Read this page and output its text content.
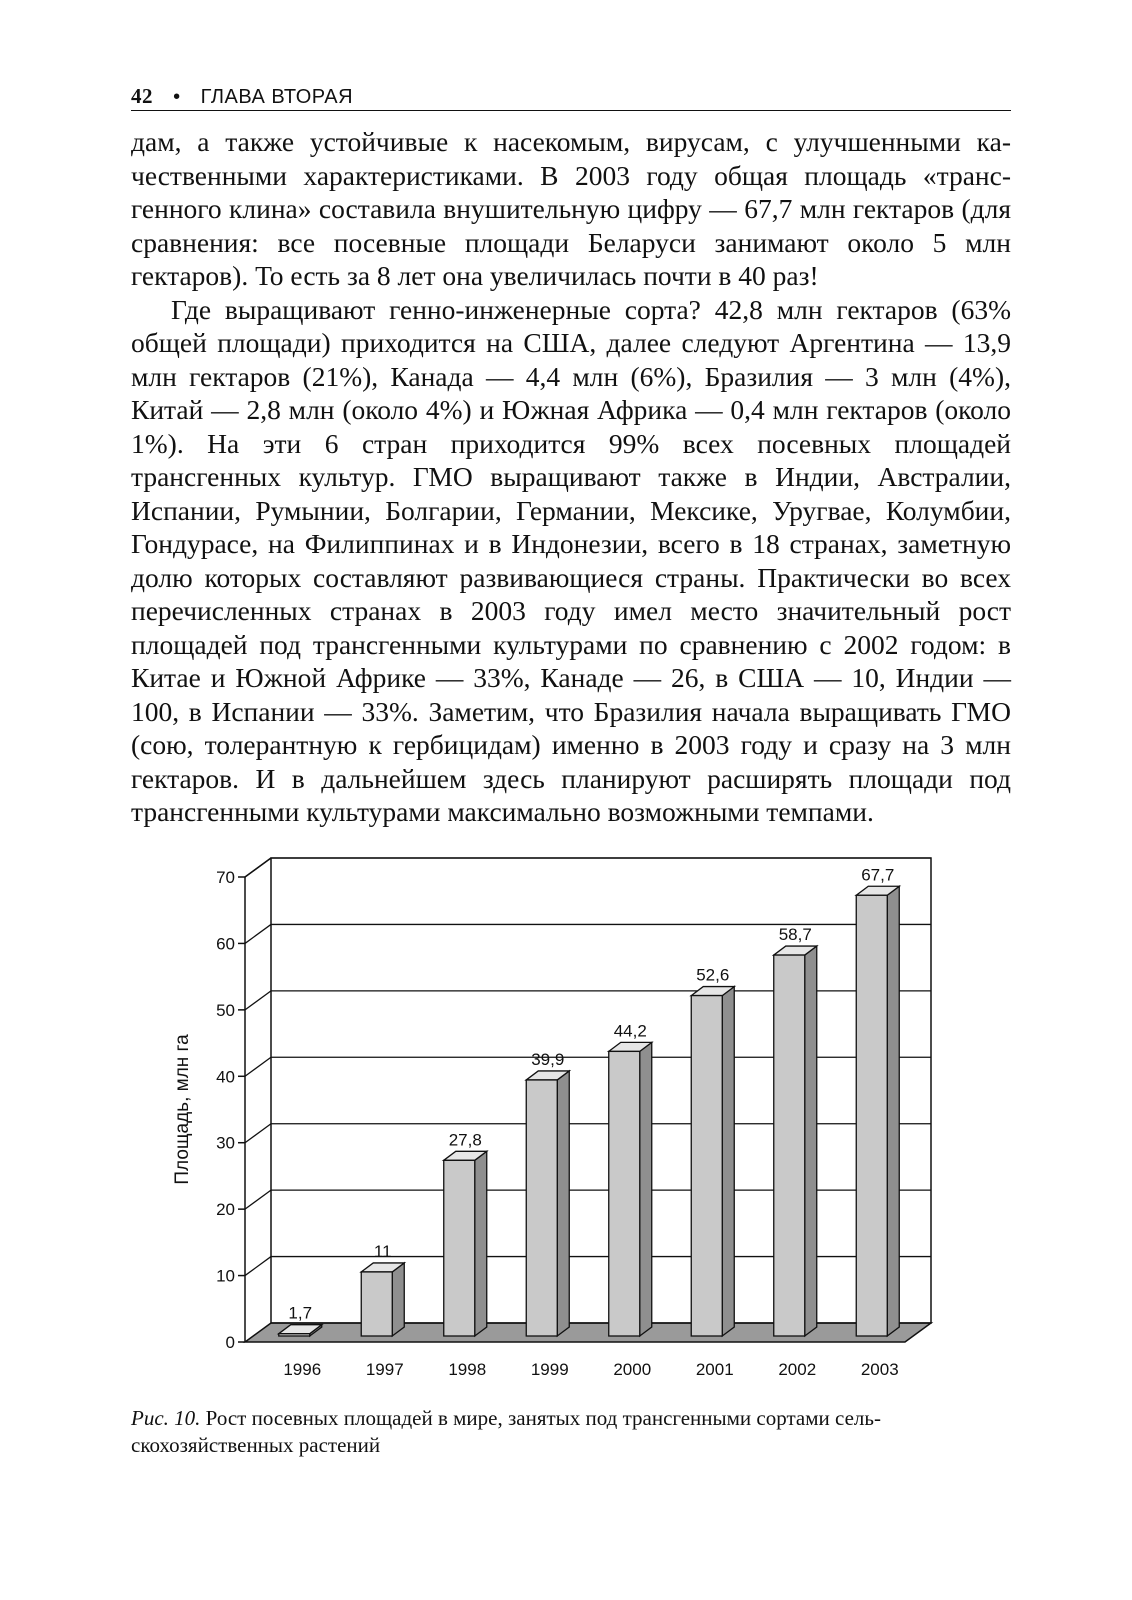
42 • ГЛАВА ВТОРАЯ

дам, а также устойчивые к насекомым, вирусам, с улучшенными качественными характеристиками. В 2003 году общая площадь «трансгенного клина» составила внушительную цифру — 67,7 млн гектаров (для сравнения: все посевные площади Беларуси занимают около 5 млн гектаров). То есть за 8 лет она увеличилась почти в 40 раз!

Где выращивают генно-инженерные сорта? 42,8 млн гектаров (63% общей площади) приходится на США, далее следуют Аргентина — 13,9 млн гектаров (21%), Канада — 4,4 млн (6%), Бразилия — 3 млн (4%), Китай — 2,8 млн (около 4%) и Южная Африка — 0,4 млн гектаров (около 1%). На эти 6 стран приходится 99% всех посевных площадей трансгенных культур. ГМО выращивают также в Индии, Австралии, Испании, Румынии, Болгарии, Германии, Мексике, Уругвае, Колумбии, Гондурасе, на Филиппинах и в Индонезии, всего в 18 странах, заметную долю которых составляют развивающиеся страны. Практически во всех перечисленных странах в 2003 году имел место значительный рост площадей под трансгенными культурами по сравнению с 2002 годом: в Китае и Южной Африке — 33%, Канаде — 26, в США — 10, Индии — 100, в Испании — 33%. Заметим, что Бразилия начала выращивать ГМО (сою, толерантную к гербицидам) именно в 2003 году и сразу на 3 млн гектаров. И в дальнейшем здесь планируют расширять площади под трансгенными культурами максимально возможными темпами.

0
10
20
30
40
50
60
70
Площадь, млн га
1,7
1996
11
1997
27,8
1998
39,9
1999
44,2
2000
52,6
2001
58,7
2002
67,7
2003
Рис. 10. Рост посевных площадей в мире, занятых под трансгенными сортами сельскохозяйственных растений
